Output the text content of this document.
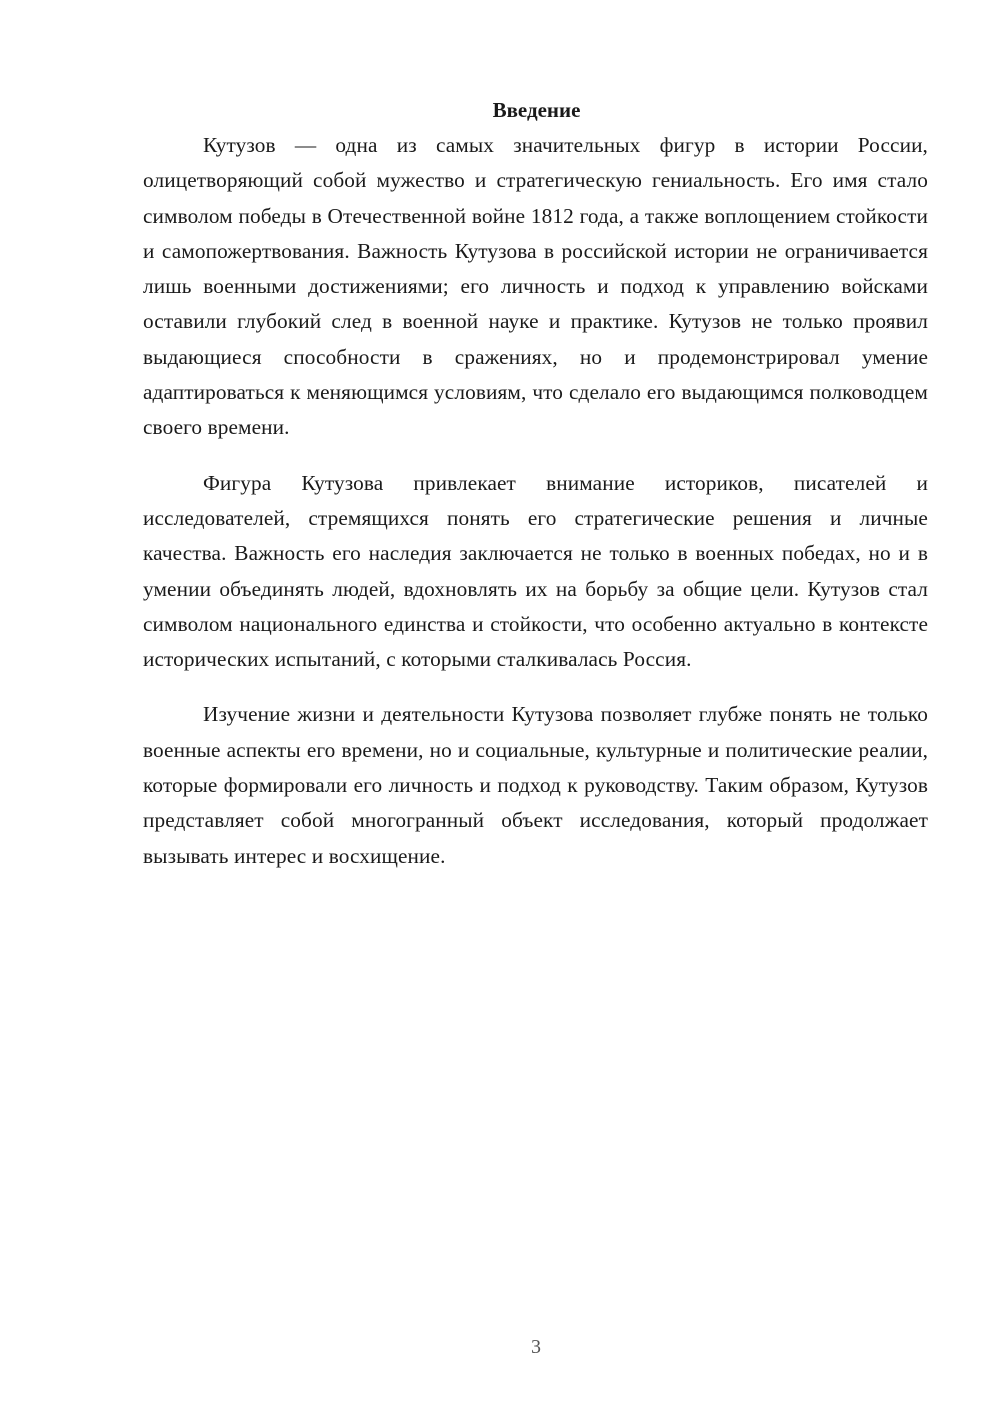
Введение

Кутузов — одна из самых значительных фигур в истории России, олицетворяющий собой мужество и стратегическую гениальность. Его имя стало символом победы в Отечественной войне 1812 года, а также воплощением стойкости и самопожертвования. Важность Кутузова в российской истории не ограничивается лишь военными достижениями; его личность и подход к управлению войсками оставили глубокий след в военной науке и практике. Кутузов не только проявил выдающиеся способности в сражениях, но и продемонстрировал умение адаптироваться к меняющимся условиям, что сделало его выдающимся полководцем своего времени.

Фигура Кутузова привлекает внимание историков, писателей и исследователей, стремящихся понять его стратегические решения и личные качества. Важность его наследия заключается не только в военных победах, но и в умении объединять людей, вдохновлять их на борьбу за общие цели. Кутузов стал символом национального единства и стойкости, что особенно актуально в контексте исторических испытаний, с которыми сталкивалась Россия.

Изучение жизни и деятельности Кутузова позволяет глубже понять не только военные аспекты его времени, но и социальные, культурные и политические реалии, которые формировали его личность и подход к руководству. Таким образом, Кутузов представляет собой многогранный объект исследования, который продолжает вызывать интерес и восхищение.

3
